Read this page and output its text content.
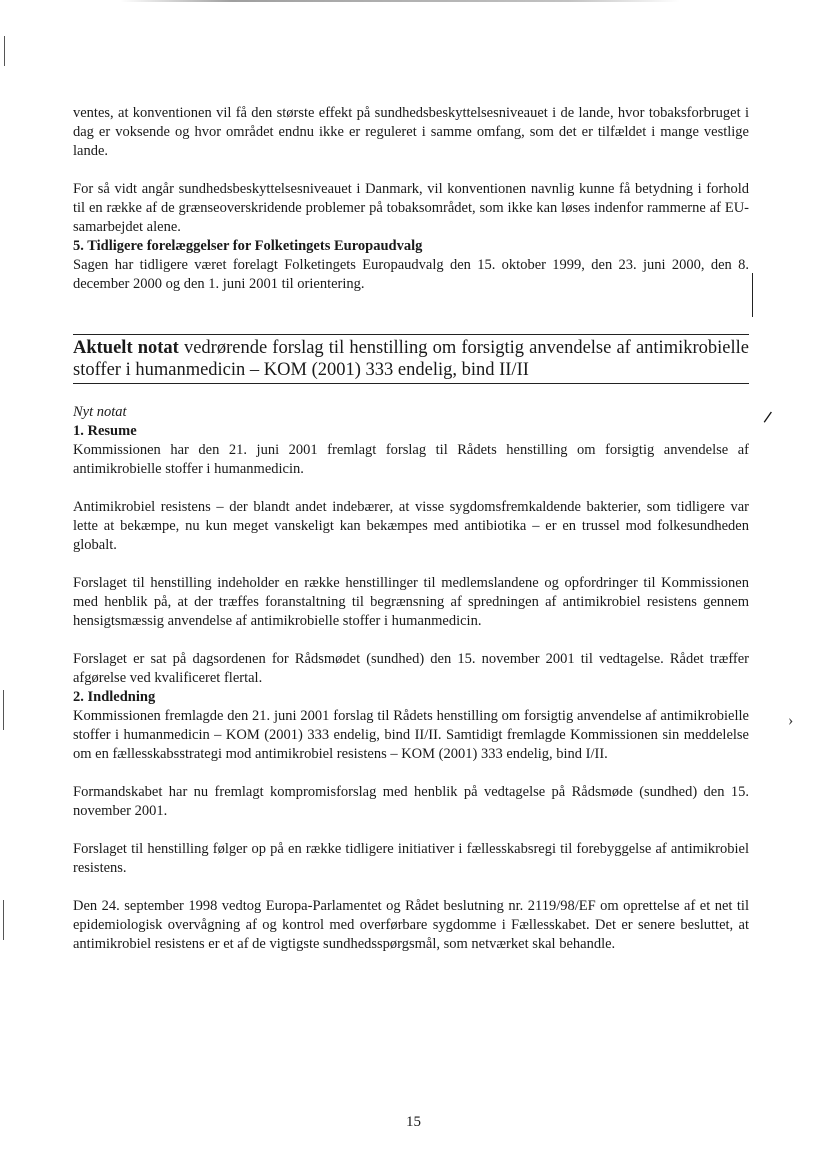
ventes, at konventionen vil få den største effekt på sundhedsbeskyttelsesniveauet i de lande, hvor tobaksforbruget i dag er voksende og hvor området endnu ikke er reguleret i samme omfang, som det er tilfældet i mange vestlige lande.

For så vidt angår sundhedsbeskyttelsesniveauet i Danmark, vil konventionen navnlig kunne få betydning i forhold til en række af de grænseoverskridende problemer på tobaksområdet, som ikke kan løses indenfor rammerne af EU-samarbejdet alene.

5. Tidligere forelæggelser for Folketingets Europaudvalg

Sagen har tidligere været forelagt Folketingets Europaudvalg den 15. oktober 1999, den 23. juni 2000, den 8. december 2000 og den 1. juni 2001 til orientering.

Aktuelt notat vedrørende forslag til henstilling om forsigtig anvendelse af antimikrobielle stoffer i humanmedicin – KOM (2001) 333 endelig, bind II/II

Nyt notat

1. Resume

Kommissionen har den 21. juni 2001 fremlagt forslag til Rådets henstilling om forsigtig anvendelse af antimikrobielle stoffer i humanmedicin.

Antimikrobiel resistens – der blandt andet indebærer, at visse sygdomsfremkaldende bakterier, som tidligere var lette at bekæmpe, nu kun meget vanskeligt kan bekæmpes med antibiotika – er en trussel mod folkesundheden globalt.

Forslaget til henstilling indeholder en række henstillinger til medlemslandene og opfordringer til Kommissionen med henblik på, at der træffes foranstaltning til begrænsning af spredningen af antimikrobiel resistens gennem hensigtsmæssig anvendelse af antimikrobielle stoffer i humanmedicin.

Forslaget er sat på dagsordenen for Rådsmødet (sundhed) den 15. november 2001 til vedtagelse. Rådet træffer afgørelse ved kvalificeret flertal.

2. Indledning

Kommissionen fremlagde den 21. juni 2001 forslag til Rådets henstilling om forsigtig anvendelse af antimikrobielle stoffer i humanmedicin – KOM (2001) 333 endelig, bind II/II. Samtidigt fremlagde Kommissionen sin meddelelse om en fællesskabsstrategi mod antimikrobiel resistens – KOM (2001) 333 endelig, bind I/II.

Formandskabet har nu fremlagt kompromisforslag med henblik på vedtagelse på Rådsmøde (sundhed) den 15. november 2001.

Forslaget til henstilling følger op på en række tidligere initiativer i fællesskabsregi til forebyggelse af antimikrobiel resistens.

Den 24. september 1998 vedtog Europa-Parlamentet og Rådet beslutning nr. 2119/98/EF om oprettelse af et net til epidemiologisk overvågning af og kontrol med overførbare sygdomme i Fællesskabet. Det er senere besluttet, at antimikrobiel resistens er et af de vigtigste sundhedsspørgsmål, som netværket skal behandle.

⸝
›
15
